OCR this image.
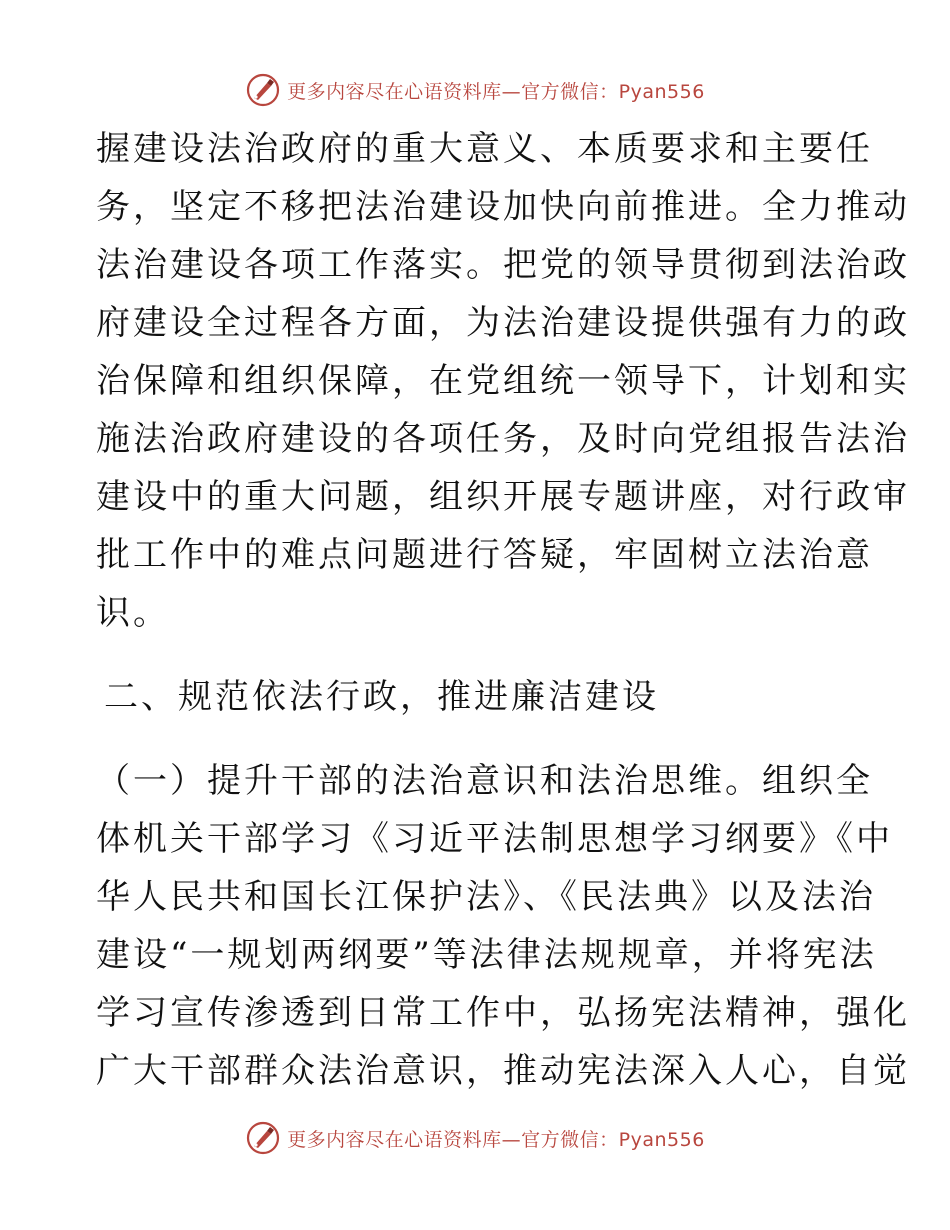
更多内容尽在心语资料库—官方微信：Pyan556
握建设法治政府的重大意义、本质要求和主要任
务，坚定不移把法治建设加快向前推进。全力推动
法治建设各项工作落实。把党的领导贯彻到法治政
府建设全过程各方面，为法治建设提供强有力的政
治保障和组织保障，在党组统一领导下，计划和实
施法治政府建设的各项任务，及时向党组报告法治
建设中的重大问题，组织开展专题讲座，对行政审
批工作中的难点问题进行答疑，牢固树立法治意
识。
二、规范依法行政，推进廉洁建设
（一）提升干部的法治意识和法治思维。组织全
体机关干部学习《习近平法制思想学习纲要》《中
华人民共和国长江保护法》、《民法典》以及法治
建设“一规划两纲要”等法律法规规章，并将宪法
学习宣传渗透到日常工作中，弘扬宪法精神，强化
广大干部群众法治意识，推动宪法深入人心，自觉
更多内容尽在心语资料库—官方微信：Pyan556
